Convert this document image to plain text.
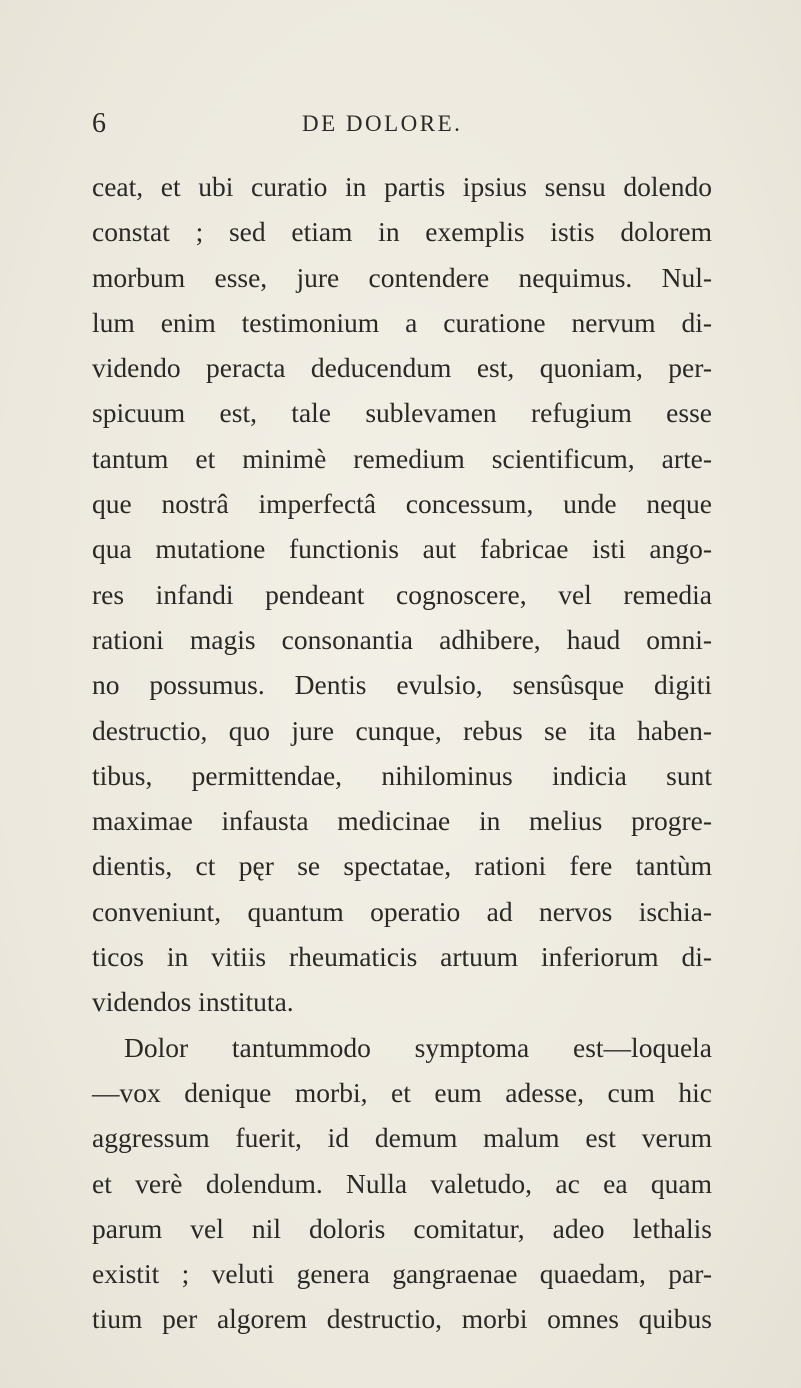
6	DE DOLORE.
ceat, et ubi curatio in partis ipsius sensu dolendo
constat ; sed etiam in exemplis istis dolorem
morbum esse, jure contendere nequimus. Nul-
lum enim testimonium a curatione nervum di-
videndo peracta deducendum est, quoniam, per-
spicuum est, tale sublevamen refugium esse
tantum et minimè remedium scientificum, arte-
que nostrâ imperfectâ concessum, unde neque
qua mutatione functionis aut fabricae isti ango-
res infandi pendeant cognoscere, vel remedia
rationi magis consonantia adhibere, haud omni-
no possumus. Dentis evulsio, sensûsque digiti
destructio, quo jure cunque, rebus se ita haben-
tibus, permittendae, nihilominus indicia sunt
maximae infausta medicinae in melius progre-
dientis, ct pęr se spectatae, rationi fere tantùm
conveniunt, quantum operatio ad nervos ischia-
ticos in vitiis rheumaticis artuum inferiorum di-
videndos instituta.
Dolor tantummodo symptoma est—loquela
—vox denique morbi, et eum adesse, cum hic
aggressum fuerit, id demum malum est verum
et verè dolendum. Nulla valetudo, ac ea quam
parum vel nil doloris comitatur, adeo lethalis
existit ; veluti genera gangraenae quaedam, par-
tium per algorem destructio, morbi omnes quibus
